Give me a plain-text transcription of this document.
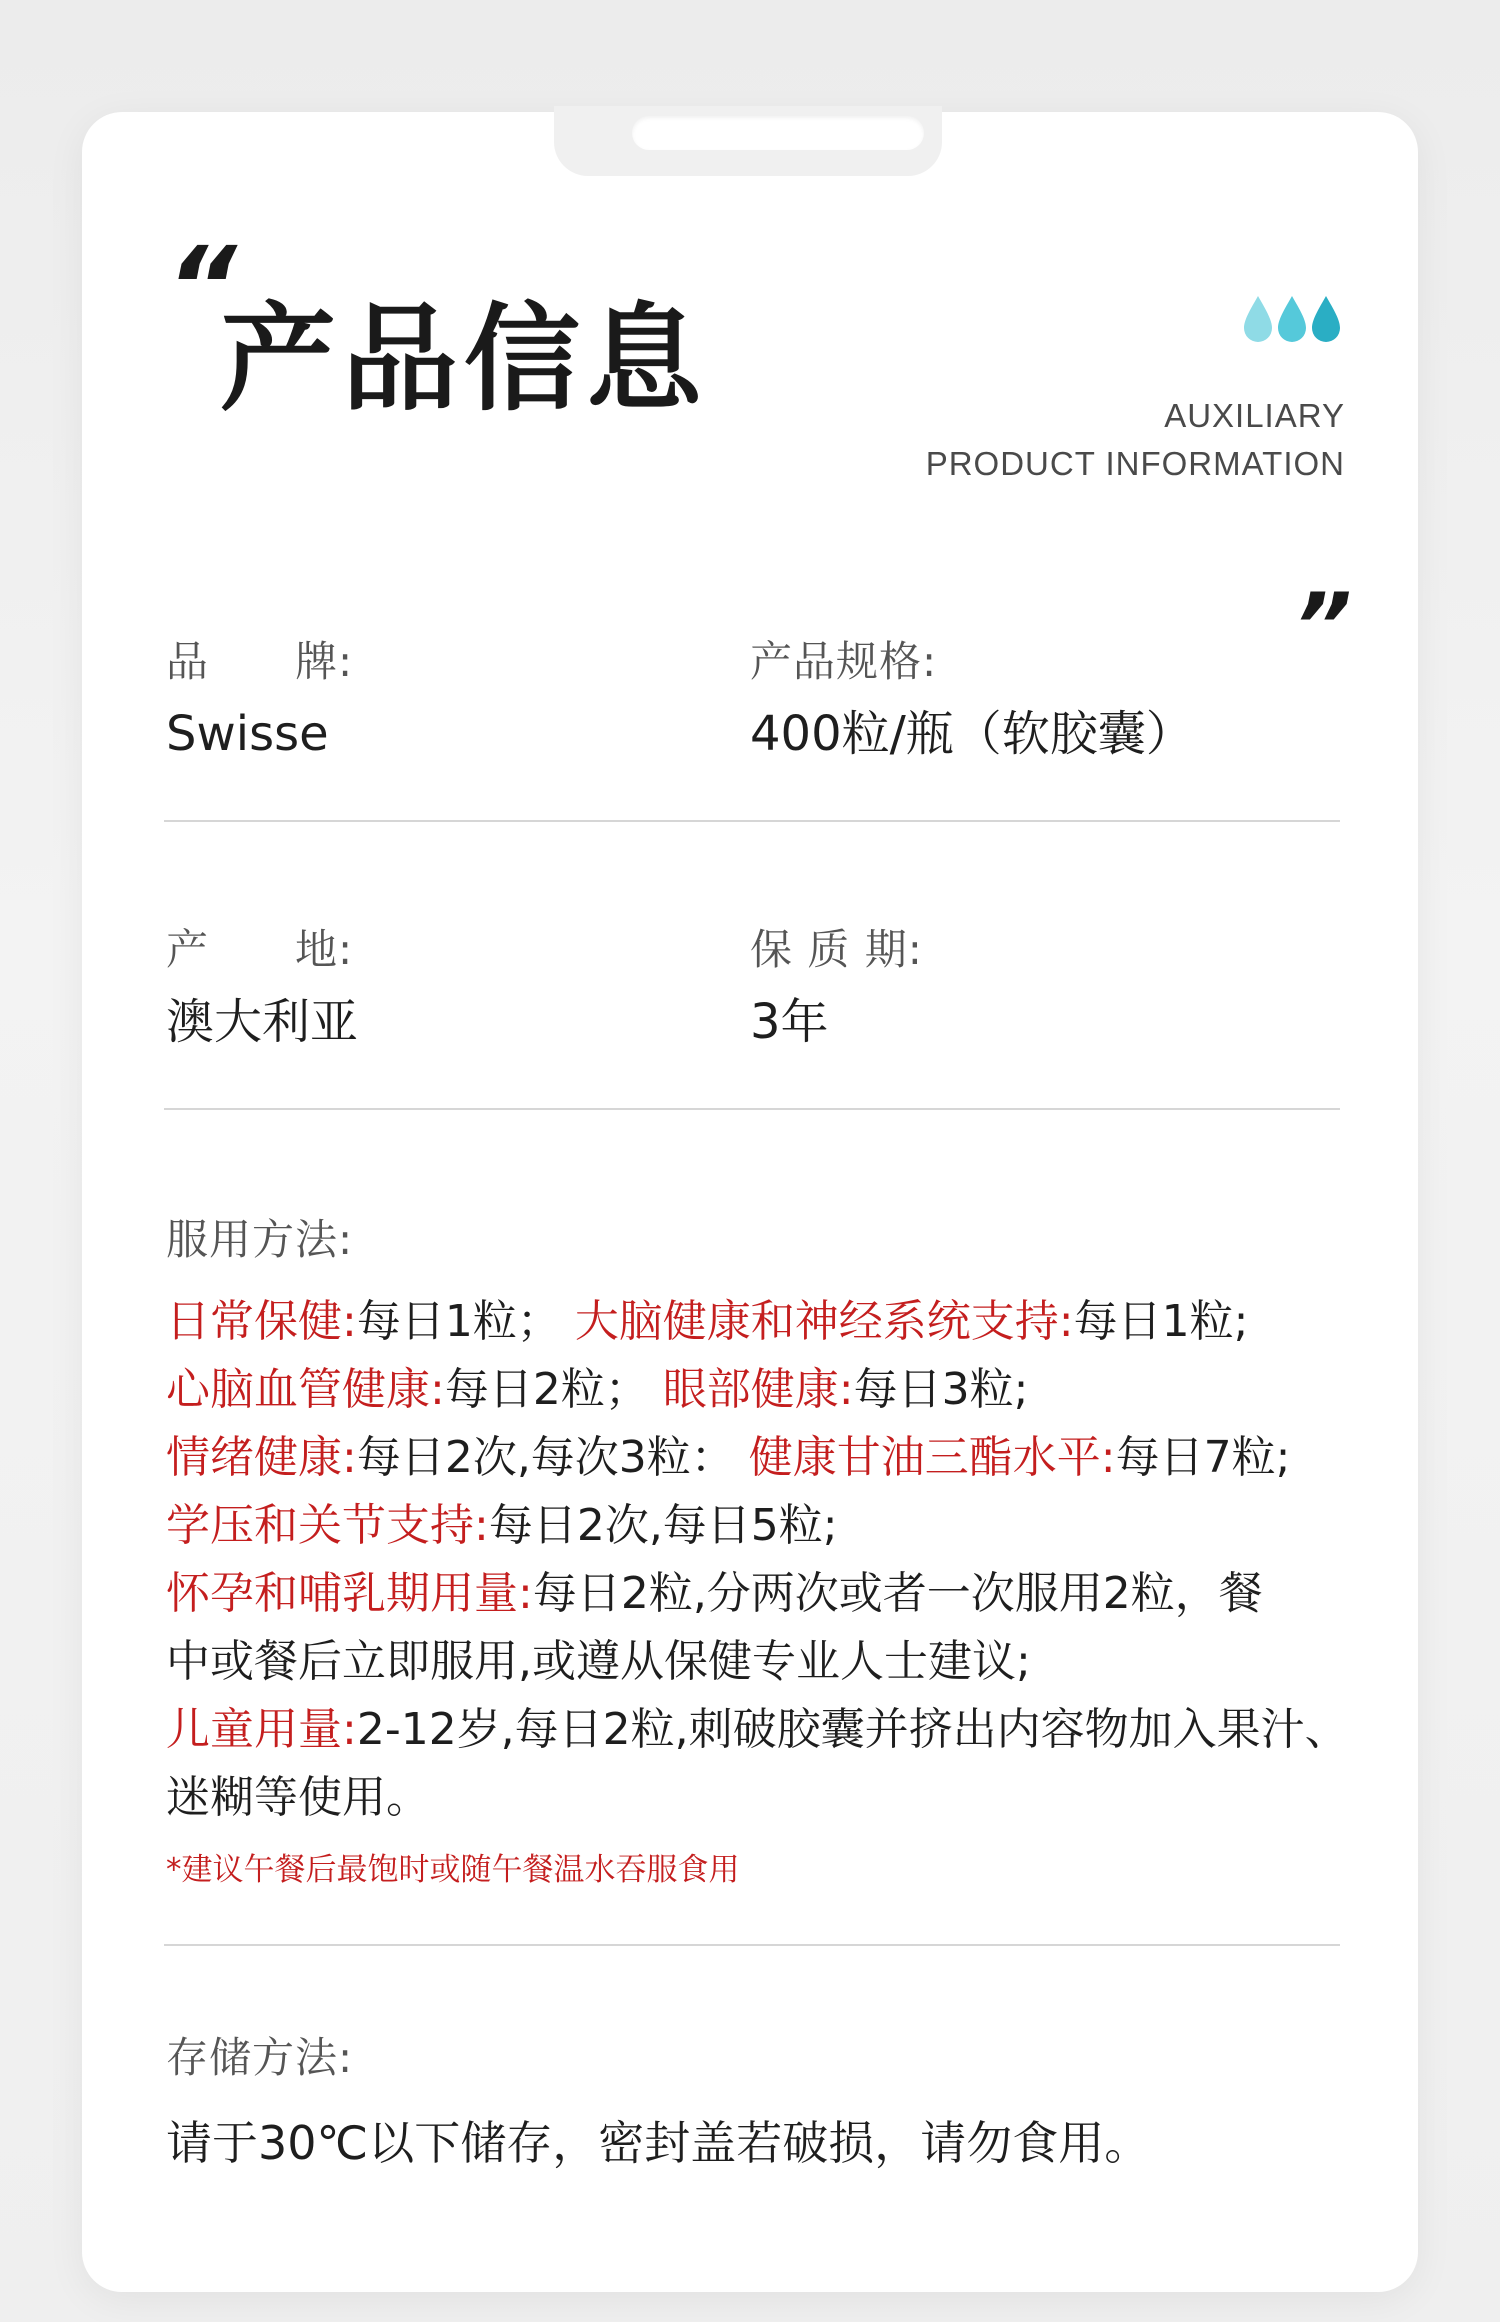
“
产品信息	AUXILIARY
PRODUCT INFORMATION
”
品　　牌:
Swisse
产品规格:
400粒/瓶（软胶囊）
产　　地:
澳大利亚
保 质 期:
3年
服用方法:
日常保健:每日1粒； 大脑健康和神经系统支持:每日1粒;
心脑血管健康:每日2粒； 眼部健康:每日3粒;
情绪健康:每日2次,每次3粒： 健康甘油三酯水平:每日7粒;
学压和关节支持:每日2次,每日5粒;
怀孕和哺乳期用量:每日2粒,分两次或者一次服用2粒，餐
中或餐后立即服用,或遵从保健专业人士建议;
儿童用量:2-12岁,每日2粒,刺破胶囊并挤出内容物加入果汁、
迷糊等使用。
*建议午餐后最饱时或随午餐温水吞服食用
存储方法:
请于30℃以下储存，密封盖若破损，请勿食用。
